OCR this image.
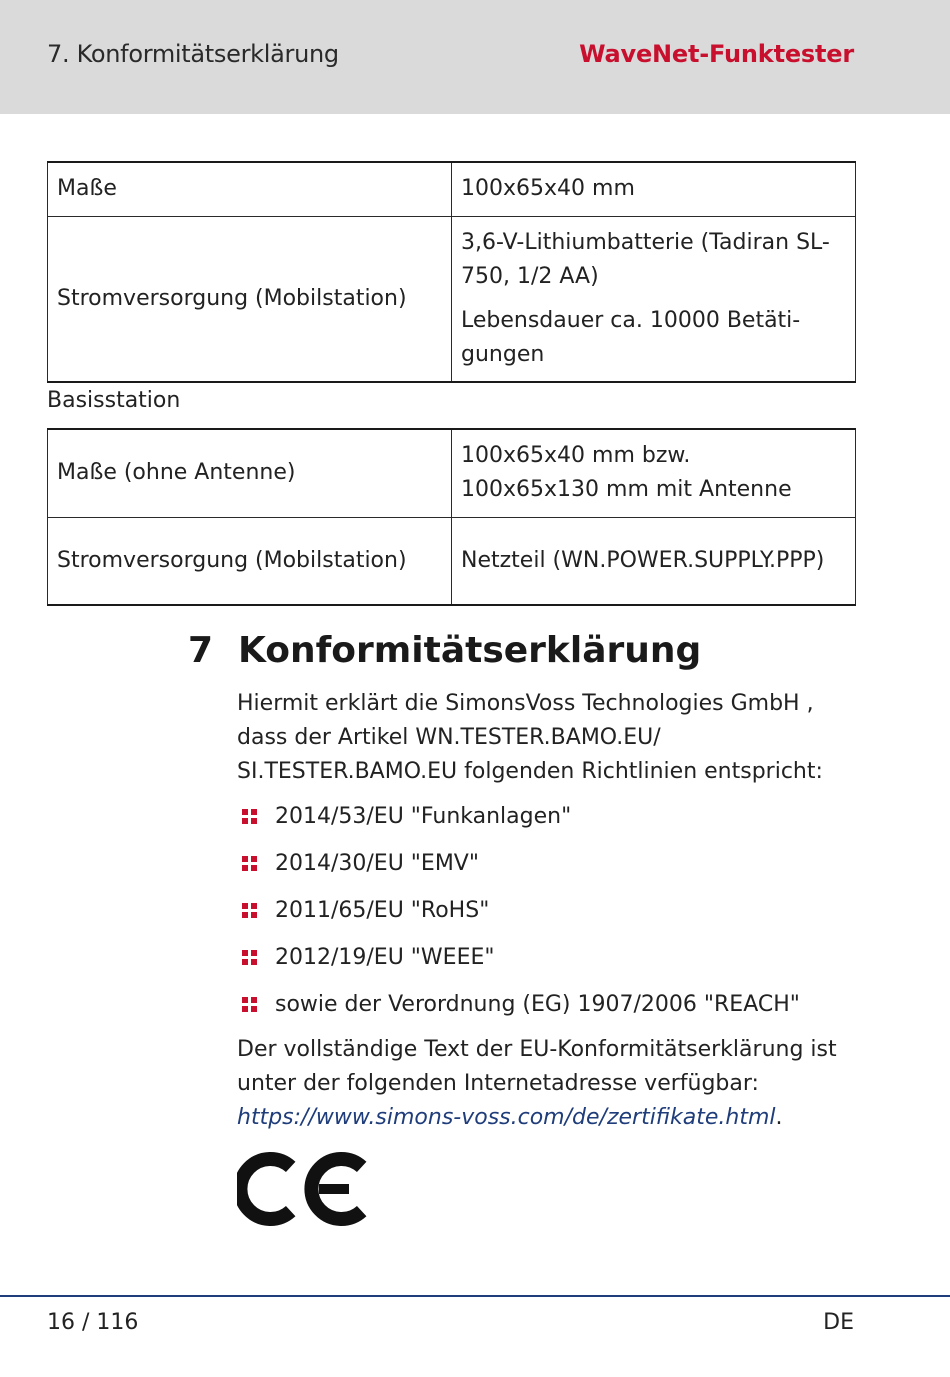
7. Konformitätserklärung	WaveNet-Funktester
Maße	100x65x40 mm

Stromversorgung (Mobilstation)	3,6-V-Lithiumbatterie (Tadiran SL-750, 1/2 AA)
Lebensdauer ca. 10000 Betätigungen
Basisstation
Maße (ohne Antenne)	100x65x40 mm bzw.
100x65x130 mm mit Antenne

Stromversorgung (Mobilstation)	Netzteil (WN.POWER.SUPPLY.PPP)
7 Konformitätserklärung
Hiermit erklärt die SimonsVoss Technologies GmbH , dass der Artikel WN.TESTER.BAMO.EU/ SI.TESTER.BAMO.EU folgenden Richtlinien entspricht:
2014/53/EU "Funkanlagen"
2014/30/EU "EMV"
2011/65/EU "RoHS"
2012/19/EU "WEEE"
sowie der Verordnung (EG) 1907/2006 "REACH"
Der vollständige Text der EU-Konformitätserklärung ist unter der folgenden Internetadresse verfügbar: https://www.simons-voss.com/de/zertifikate.html.
16 / 116	DE
